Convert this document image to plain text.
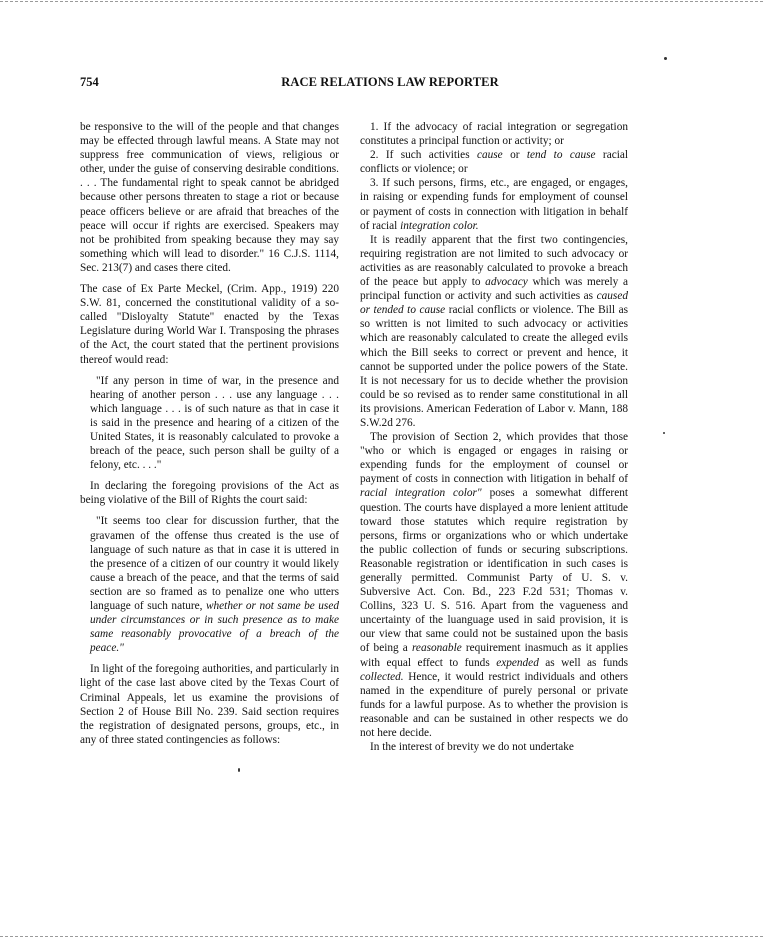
754	RACE RELATIONS LAW REPORTER

be responsive to the will of the people and that changes may be effected through lawful means. A State may not suppress free communication of views, religious or other, under the guise of conserving desirable conditions. . . . The fundamental right to speak cannot be abridged because other persons threaten to stage a riot or because peace officers believe or are afraid that breaches of the peace will occur if rights are exercised. Speakers may not be prohibited from speaking because they may say something which will lead to disorder." 16 C.J.S. 1114, Sec. 213(7) and cases there cited.

The case of Ex Parte Meckel, (Crim. App., 1919) 220 S.W. 81, concerned the constitutional validity of a so-called "Disloyalty Statute" enacted by the Texas Legislature during World War I. Transposing the phrases of the Act, the court stated that the pertinent provisions thereof would read:

"If any person in time of war, in the presence and hearing of another person . . . use any language . . . which language . . . is of such nature as that in case it is said in the presence and hearing of a citizen of the United States, it is reasonably calculated to provoke a breach of the peace, such person shall be guilty of a felony, etc. . . ."

In declaring the foregoing provisions of the Act as being violative of the Bill of Rights the court said:

"It seems too clear for discussion further, that the gravamen of the offense thus created is the use of language of such nature as that in case it is uttered in the presence of a citizen of our country it would likely cause a breach of the peace, and that the terms of said section are so framed as to penalize one who utters language of such nature, whether or not same be used under circumstances or in such presence as to make same reasonably provocative of a breach of the peace."

In light of the foregoing authorities, and particularly in light of the case last above cited by the Texas Court of Criminal Appeals, let us examine the provisions of Section 2 of House Bill No. 239. Said section requires the registration of designated persons, groups, etc., in any of three stated contingencies as follows:

1. If the advocacy of racial integration or segregation constitutes a principal function or activity; or

2. If such activities cause or tend to cause racial conflicts or violence; or

3. If such persons, firms, etc., are engaged, or engages, in raising or expending funds for employment of counsel or payment of costs in connection with litigation in behalf of racial integration color.

It is readily apparent that the first two contingencies, requiring registration are not limited to such advocacy or activities as are reasonably calculated to provoke a breach of the peace but apply to advocacy which was merely a principal function or activity and such activities as caused or tended to cause racial conflicts or violence. The Bill as so written is not limited to such advocacy or activities which are reasonably calculated to create the alleged evils which the Bill seeks to correct or prevent and hence, it cannot be supported under the police powers of the State. It is not necessary for us to decide whether the provision could be so revised as to render same constitutional in all its provisions. American Federation of Labor v. Mann, 188 S.W.2d 276.

The provision of Section 2, which provides that those "who or which is engaged or engages in raising or expending funds for the employment of counsel or payment of costs in connection with litigation in behalf of racial integration color" poses a somewhat different question. The courts have displayed a more lenient attitude toward those statutes which require registration by persons, firms or organizations who or which undertake the public collection of funds or securing subscriptions. Reasonable registration or identification in such cases is generally permitted. Communist Party of U. S. v. Subversive Act. Con. Bd., 223 F.2d 531; Thomas v. Collins, 323 U. S. 516. Apart from the vagueness and uncertainty of the luanguage used in said provision, it is our view that same could not be sustained upon the basis of being a reasonable requirement inasmuch as it applies with equal effect to funds expended as well as funds collected. Hence, it would restrict individuals and others named in the expenditure of purely personal or private funds for a lawful purpose. As to whether the provision is reasonable and can be sustained in other respects we do not here decide.

In the interest of brevity we do not undertake
